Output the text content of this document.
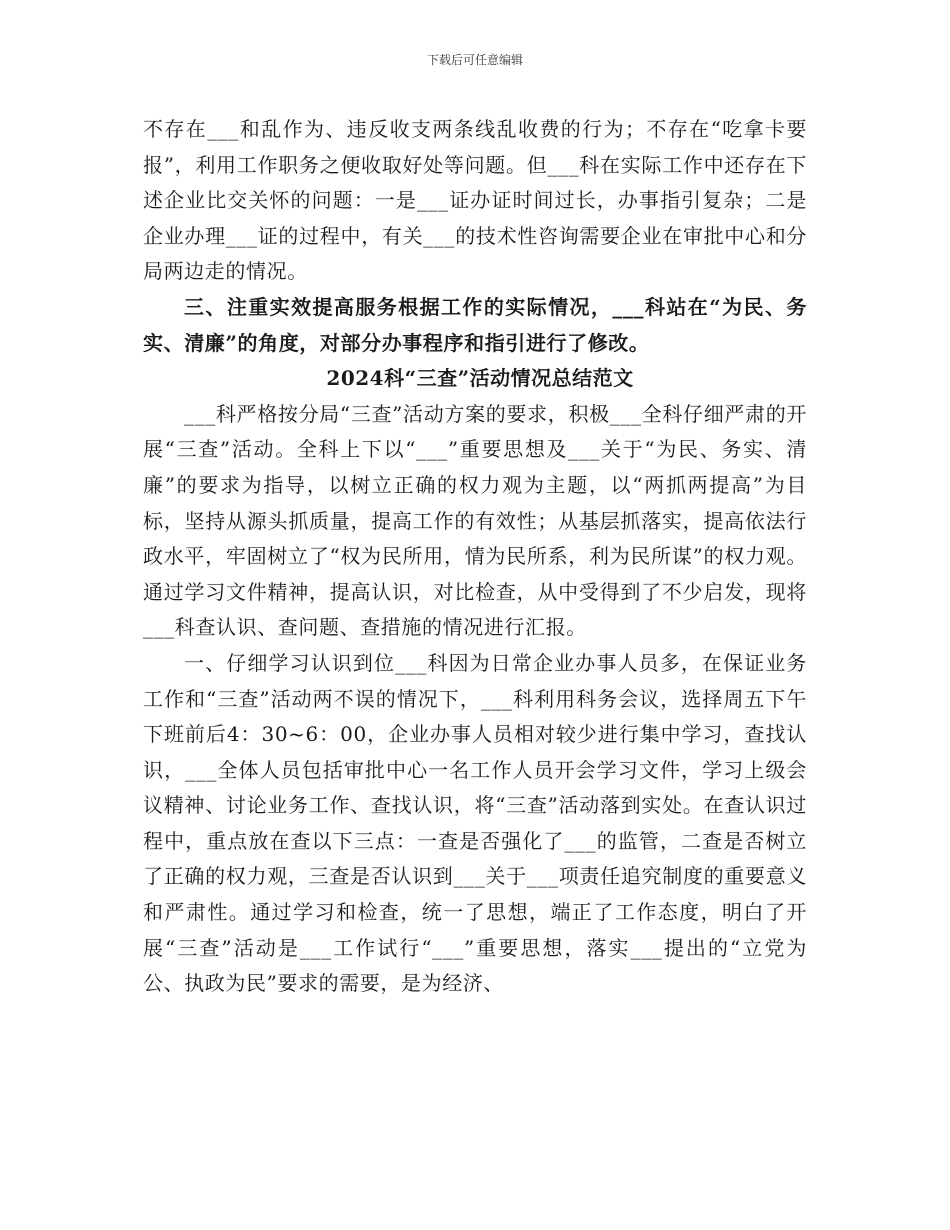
下载后可任意编辑

不存在___和乱作为、违反收支两条线乱收费的行为；不存在“吃拿卡要报”，利用工作职务之便收取好处等问题。但___科在实际工作中还存在下述企业比交关怀的问题：一是___证办证时间过长，办事指引复杂；二是企业办理___证的过程中，有关___的技术性咨询需要企业在审批中心和分局两边走的情况。

三、注重实效提高服务根据工作的实际情况，___科站在“为民、务实、清廉”的角度，对部分办事程序和指引进行了修改。

2024科“三查”活动情况总结范文

___科严格按分局“三查”活动方案的要求，积极___全科仔细严肃的开展“三查”活动。全科上下以“___”重要思想及___关于“为民、务实、清廉”的要求为指导，以树立正确的权力观为主题，以“两抓两提高”为目标，坚持从源头抓质量，提高工作的有效性；从基层抓落实，提高依法行政水平，牢固树立了“权为民所用，情为民所系，利为民所谋”的权力观。通过学习文件精神，提高认识，对比检查，从中受得到了不少启发，现将___科查认识、查问题、查措施的情况进行汇报。

一、仔细学习认识到位___科因为日常企业办事人员多，在保证业务工作和“三查”活动两不误的情况下，___科利用科务会议，选择周五下午下班前后4：30~6：00，企业办事人员相对较少进行集中学习，查找认识，___全体人员包括审批中心一名工作人员开会学习文件，学习上级会议精神、讨论业务工作、查找认识，将“三查”活动落到实处。在查认识过程中，重点放在查以下三点：一查是否强化了___的监管，二查是否树立了正确的权力观，三查是否认识到___关于___项责任追究制度的重要意义和严肃性。通过学习和检查，统一了思想，端正了工作态度，明白了开展“三查”活动是___工作试行“___”重要思想，落实___提出的“立党为公、执政为民”要求的需要，是为经济、
